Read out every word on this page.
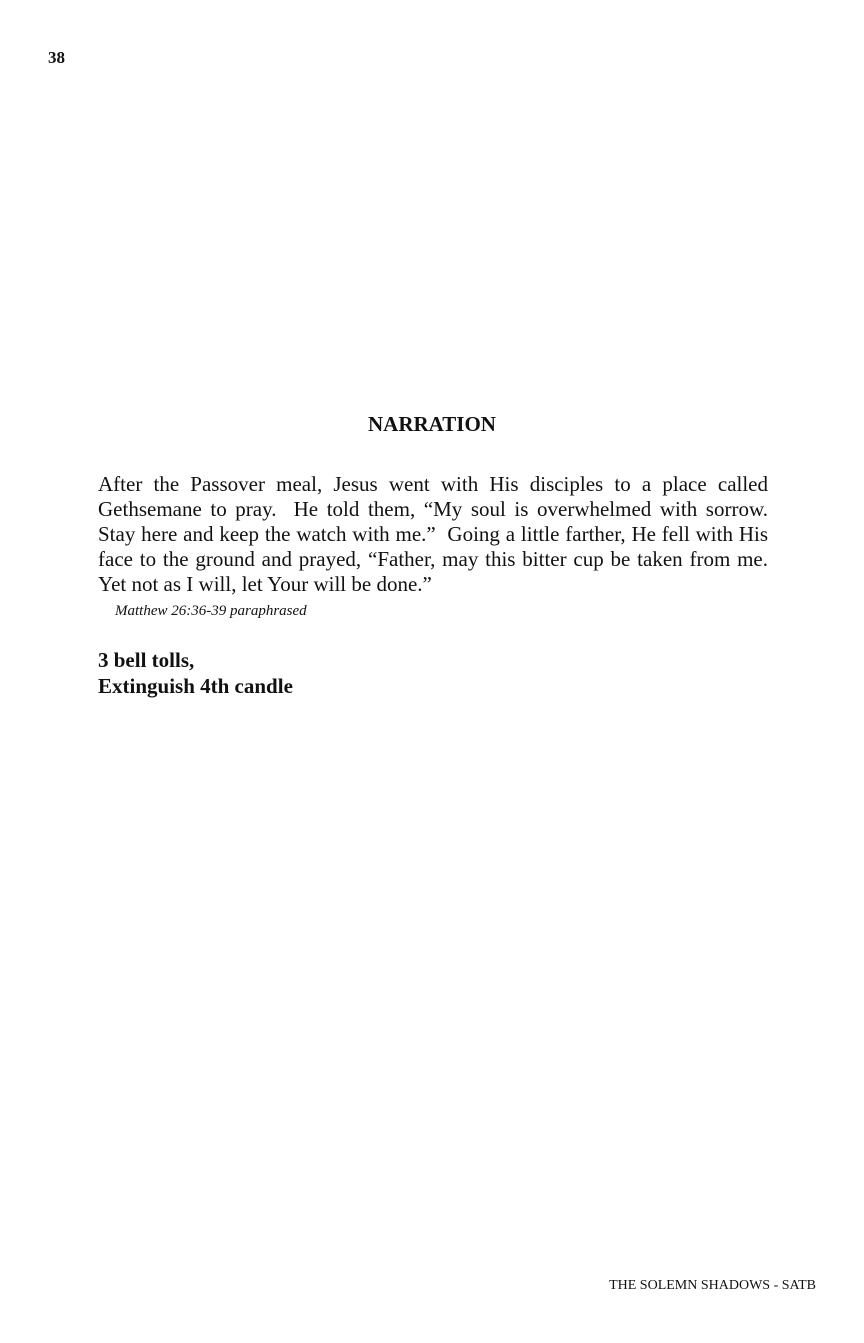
38
NARRATION
After the Passover meal, Jesus went with His disciples to a place called Gethsemane to pray.  He told them, “My soul is overwhelmed with sorrow. Stay here and keep the watch with me.”  Going a little farther, He fell with His face to the ground and prayed, “Father, may this bitter cup be taken from me.  Yet not as I will, let Your will be done.”
Matthew 26:36-39 paraphrased
3 bell tolls,
Extinguish 4th candle
THE SOLEMN SHADOWS - SATB
